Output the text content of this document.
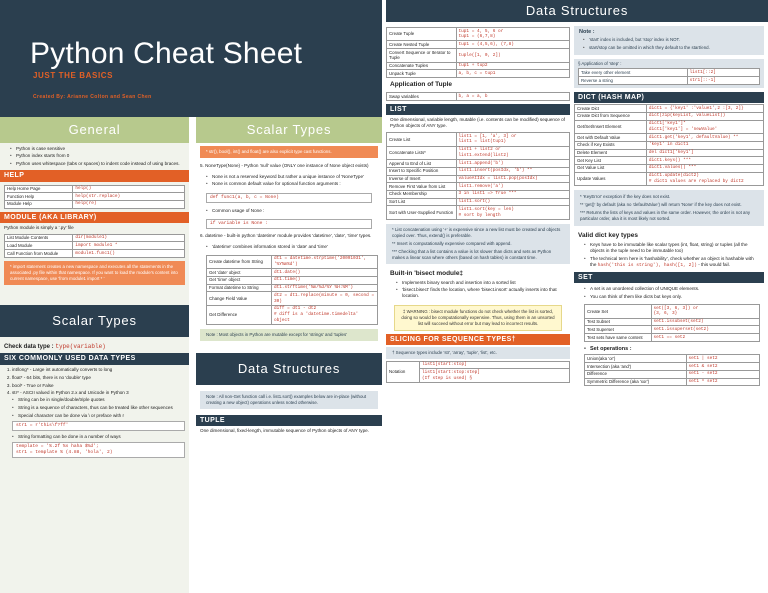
General
• Python is case sensitive
• Python index starts from 0
• Python uses whitespace (tabs or spaces) to indent code instead of using braces.
HELP
Help Home Page	help()
Function Help	help(str.replace)
Module Help	help(re)
MODULE (AKA LIBRARY)
Python module is simply a '.py' file
List Module Contents	dir(module1)
Load Module	import module1 *
Call Function from Module	module1.func1()
* import statement creates a new namespace and executes all the statements in the associated .py file within that namespace. If you want to load the module's content into current namespace, use 'from module1 import * '
Scalar Types
Check data type : type(variable)
SIX COMMONLY USED DATA TYPES
1. int/long* - Large int automatically converts to long
2. float* - 64 bits, there is no 'double' type
3. bool* - True or False
4. str* - ASCII valued in Python 2.x and Unicode in Python 3
• String can be in single/double/triple quotes
• String is a sequence of characters, thus can be treated like other sequences
• Special character can be done via \ or preface with r
str1 = r'this\f?ff'
• String formatting can be done in a number of ways
template = '%.2f %s haha $%d';
str1 = template % (4.88, 'hola', 2)
Python Cheat Sheet
JUST THE BASICS
Created By: Arianne Colton and Sean Chen
Scalar Types
* str(), bool(), int() and float() are also explicit type cast functions.
5. NoneType(None) - Python 'null' value (ONLY one instance of None object exists)
• None is not a reserved keyword but rather a unique instance of 'NoneType'
• None is common default value for optional function arguments :
def func1(a, b, c = None)
• Common usage of None :
if variable is None :
6. datetime - built-in python 'datetime' module provides 'datetime', 'date', 'time' types.
• 'datetime' combines information stored in 'date' and 'time'
Create datetime from String	dt1 = datetime.strptime('20091031', '%Y%m%d')
Get 'date' object	dt1.date()
Get 'time' object	dt1.time()
Format datetime to String	dt1.strftime('%m/%d/%Y %H:%M')
Change Field Value	dt2 = dt1.replace(minute = 0, second = 30)
Get Difference	diff = dt1 - dt2
# diff is a 'datetime.timedelta' object
Note : Most objects in Python are mutable except for 'strings' and 'tuples'
Data Structures
Note : All non-Get function call i.e. list1.sort() examples below are in-place (without creating a new object) operations unless noted otherwise.
TUPLE
One dimensional, fixed-length, immutable sequence of Python objects of ANY type.
Data Structures
Create Tuple	tup1 = 4, 5, 6 or
tup1 = (6,7,8)
Create Nested Tuple	tup1 = (4,5,6), (7,8)
Convert Sequence or Iterator to Tuple	tuple([1, 0, 2])
Concatenate Tuples	tup1 + tup2
Unpack Tuple	a, b, c = tup1
Application of Tuple
Swap variables	b, a = a, b
LIST
One dimensional, variable length, mutable (i.e. contents can be modified) sequence of Python objects of ANY type.
Create List	list1 = [1, 'a', 3] or
list1 = list(tup1)
Concatenate Lists*	list1 + list2 or
list1.extend(list2)
Append to End of List	list1.append('b')
Insert to Specific Position	list1.insert(posIdx, 'b') **
Inverse of Insert	valueAtIdx = list1.pop(posIdx)
Remove First Value from List	list1.remove('a')
Check Membership	3 in list1 => True ***
Sort List	list1.sort()
Sort with User-Supplied Function	list1.sort(key = len)
# sort by length
* List concatenation using '+' is expensive since a new list must be created and objects copied over. Thus, extend() is preferable.
** Insert is computationally expensive compared with append.
*** Checking that a list contains a value is lot slower than dicts and sets as Python makes a linear scan where others (based on hash tables) in constant time.
Built-in 'bisect module‡
• Implements binary search and insertion into a sorted list
• 'bisect.bisect' finds the location, where 'bisect.insort' actually inserts into that location.
‡ WARNING : bisect module functions do not check whether the list is sorted, doing so would be computationally expensive. Thus, using them in an unsorted list will succeed without error but may lead to incorrect results.
SLICING FOR SEQUENCE TYPES†
† Sequence types include 'str', 'array', 'tuple', 'list', etc.
Notation	list1[start:stop]
list1[start:stop:step]
(If step is used) §
Note :
• 'start' index is included, but 'stop' index is NOT.
• start/stop can be omitted in which they default to the start/end.
§ Application of 'step' :
Take every other element	list1[::2]
Reverse a string	str1[::-1]
DICT (HASH MAP)
Create Dict	dict1 = {'key1' :'value1',2 :[3, 2]}
Create Dict from Sequence	dict(zip(keyList, valueList))
Get/Set/Insert Element	dict1['key1']*
dict1['key1'] = 'newValue'
Get with Default Value	dict1.get('key1', defaultValue) **
Check if Key Exists	'key1' in dict1
Delete Element	del dict1['key1']
Get Key List	dict1.keys() ***
Get Value List	dict1.values() ***
Update Values	dict1.update(dict2)
# dict1 values are replaced by dict2
* 'KeyError' exception if the key does not exist.
** 'get()' by default (aka no 'defaultValue') will return 'None' if the key does not exist.
*** Returns the lists of keys and values in the same order. However, the order is not any particular order, aka it is most likely not sorted.
Valid dict key types
• Keys have to be immutable like scalar types (int, float, string) or tuples (all the objects in the tuple need to be immutable too)
• The technical term here is 'hashability', check whether an object is hashable with the hash('this is string'), hash([1, 2]) - this would fail.
SET
• A set is an unordered collection of UNIQUE elements.
• You can think of them like dicts but keys only.
Create Set	set([3, 6, 3]) or
{3, 6, 3}
Test Subset	set1.issubset(set2)
Test Superset	set1.issuperset(set2)
Test sets have same content	set1 == set2
• Set operations :
Union(aka 'or')	set1 | set2
Intersection (aka 'and')	set1 & set2
Difference	set1 - set2
Symmetric Difference (aka 'xor')	set1 ^ set2
